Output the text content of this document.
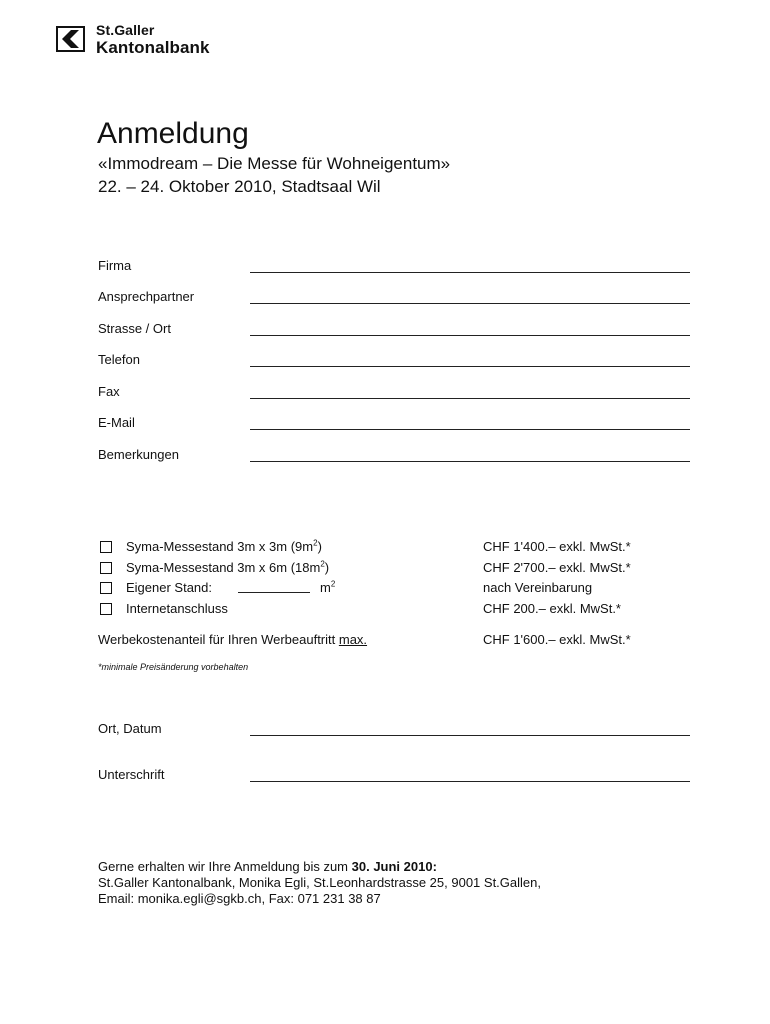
St.Galler
Kantonalbank
Anmeldung
«Immodream – Die Messe für Wohneigentum»
22. – 24. Oktober 2010, Stadtsaal Wil
Firma
Ansprechpartner
Strasse / Ort
Telefon
Fax
E-Mail
Bemerkungen
Syma-Messestand 3m x 3m $(9m^2)$	CHF 1'400.– exkl. MwSt.*
Syma-Messestand 3m x 6m $(18m^2)$	CHF 2'700.– exkl. MwSt.*
Eigener Stand:	$m^2$	nach Vereinbarung
Internetanschluss	CHF 200.– exkl. MwSt.*
Werbekostenanteil für Ihren Werbeauftritt max.	CHF 1'600.– exkl. MwSt.*
*minimale Preisänderung vorbehalten
Ort, Datum
Unterschrift
Gerne erhalten wir Ihre Anmeldung bis zum 30. Juni 2010:
St.Galler Kantonalbank, Monika Egli, St.Leonhardstrasse 25, 9001 St.Gallen,
Email: monika.egli@sgkb.ch, Fax: 071 231 38 87
